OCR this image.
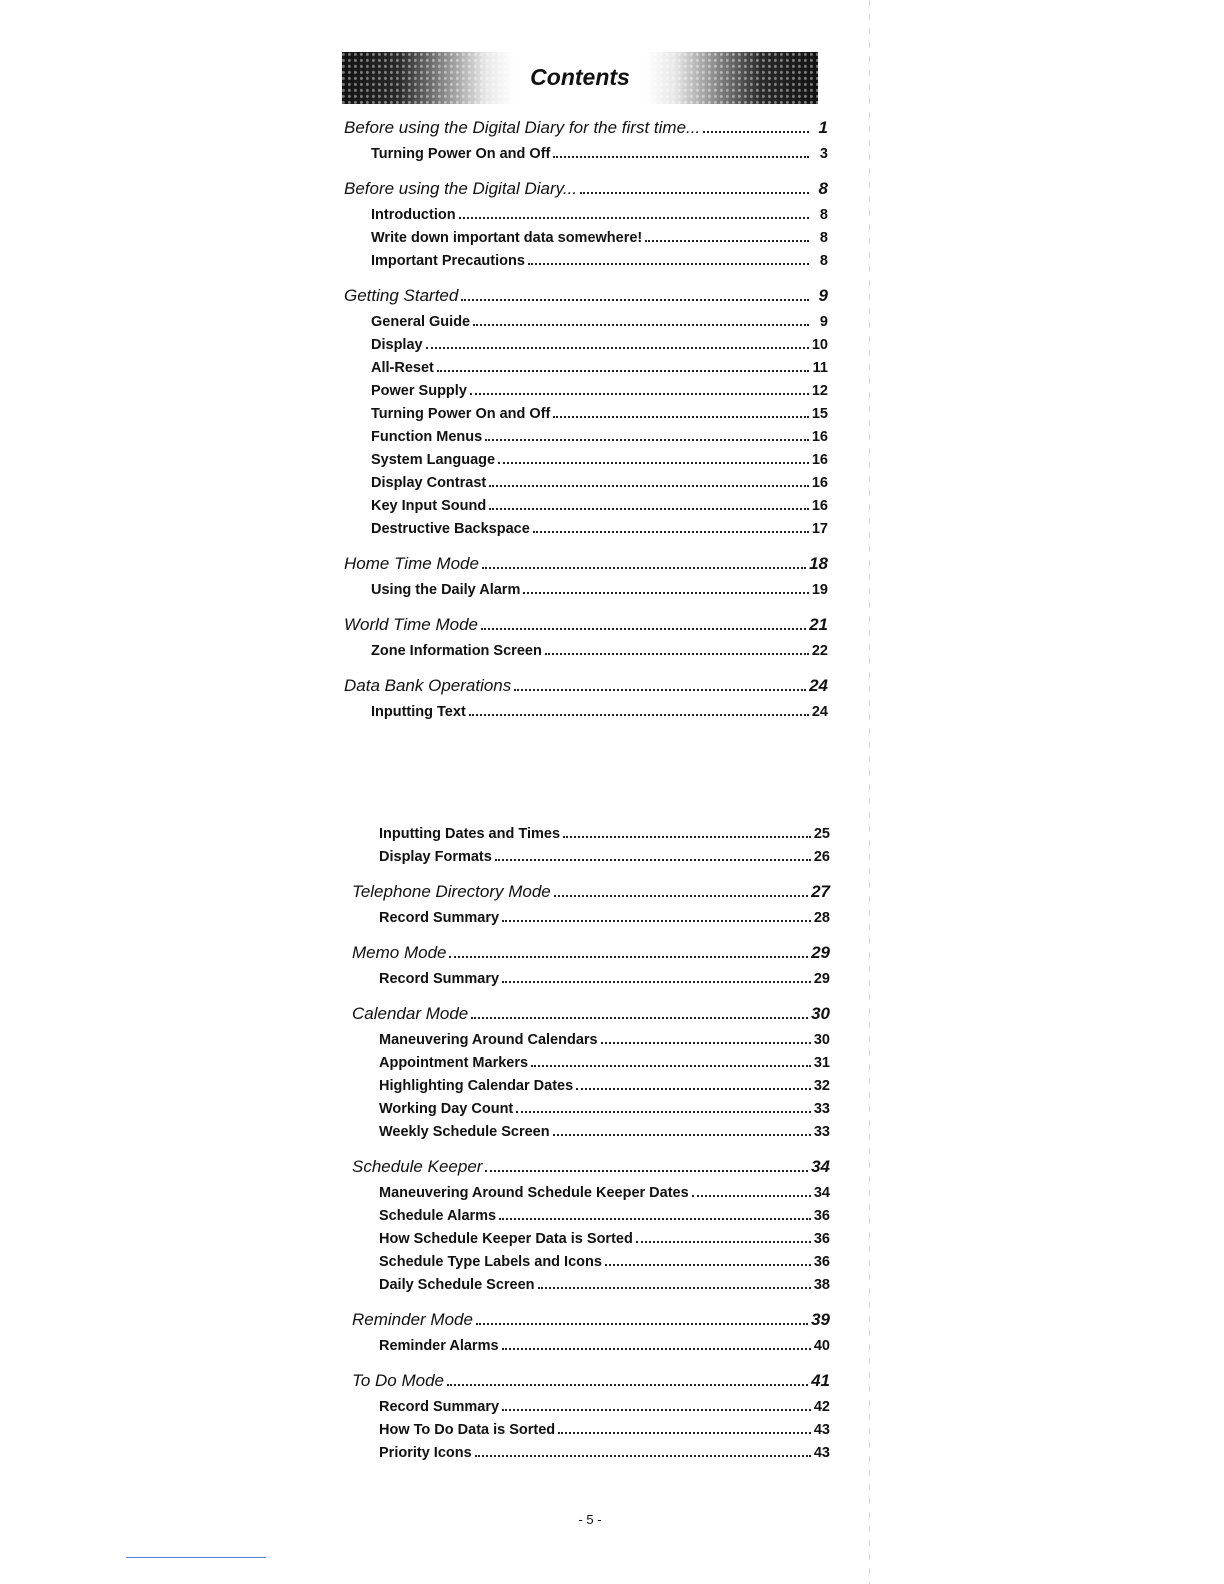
Contents
Before using the Digital Diary for the first time...	1
Turning Power On and Off	3
Before using the Digital Diary...	8
Introduction	8
Write down important data somewhere!	8
Important Precautions	8
Getting Started	9
General Guide	9
Display	10
All-Reset	11
Power Supply	12
Turning Power On and Off	15
Function Menus	16
System Language	16
Display Contrast	16
Key Input Sound	16
Destructive Backspace	17
Home Time Mode	18
Using the Daily Alarm	19
World Time Mode	21
Zone Information Screen	22
Data Bank Operations	24
Inputting Text	24
Inputting Dates and Times	25
Display Formats	26
Telephone Directory Mode	27
Record Summary	28
Memo Mode	29
Record Summary	29
Calendar Mode	30
Maneuvering Around Calendars	30
Appointment Markers	31
Highlighting Calendar Dates	32
Working Day Count	33
Weekly Schedule Screen	33
Schedule Keeper	34
Maneuvering Around Schedule Keeper Dates	34
Schedule Alarms	36
How Schedule Keeper Data is Sorted	36
Schedule Type Labels and Icons	36
Daily Schedule Screen	38
Reminder Mode	39
Reminder Alarms	40
To Do Mode	41
Record Summary	42
How To Do Data is Sorted	43
Priority Icons	43
- 5 -
